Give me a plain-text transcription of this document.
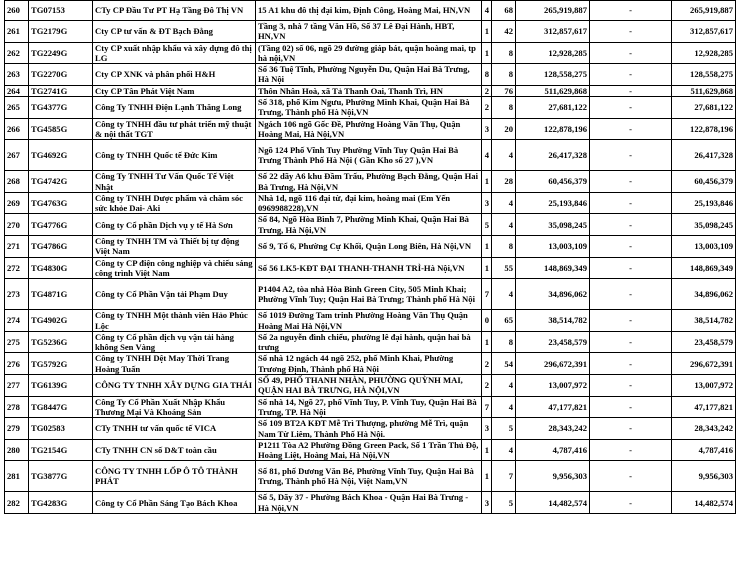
260	TG07153	CTy CP Đầu Tư PT Hạ Tầng Đô Thị VN	15 A1 khu đô thị đại kim, Định Công, Hoàng Mai, HN,VN	4	68	265,919,887	-	265,919,887
261	TG2179G	Cty CP tư vấn & ĐT Bạch Đằng	Tầng 3, nhà 7 tầng Văn Hồ, Số 37 Lê Đại Hành, HBT, HN,VN	1	42	312,857,617	-	312,857,617
262	TG2249G	Cty CP xuất nhập khẩu và xây dựng đô thị LG	(Tầng 02) số 06, ngõ 29 đường giáp bát, quận hoàng mai, tp hà nội,VN	1	8	12,928,285	-	12,928,285
263	TG2270G	Cty CP XNK và phân phối H&H	Số 36 Tuệ Tĩnh, Phường Nguyễn Du, Quận Hai Bà Trưng, Hà Nội	8	8	128,558,275	-	128,558,275
264	TG2741G	Cty CP Tân Phát Việt Nam	Thôn Nhân Hoà, xã Tả Thanh Oai, Thanh Trì, HN	2	76	511,629,868	-	511,629,868
265	TG4377G	Công Ty TNHH Điện Lạnh Thăng Long	Số 318, phố Kim Ngưu, Phường Minh Khai, Quận Hai Bà Trưng, Thành phố Hà Nội,VN	2	8	27,681,122	-	27,681,122
266	TG4585G	Công ty TNHH đầu tư phát triển mỹ thuật & nội thất TGT	Ngách 106 ngõ Gốc Đề, Phường Hoàng Văn Thụ, Quận Hoàng Mai, Hà Nội,VN	3	20	122,878,196	-	122,878,196
267	TG4692G	Công ty TNHH Quốc tế Đức Kim	Ngõ 124 Phố Vĩnh Tuy Phường Vĩnh Tuy Quận Hai Bà Trưng Thành Phố Hà Nội ( Gần Kho số 27 ),VN	4	4	26,417,328	-	26,417,328
268	TG4742G	Công Ty TNHH Tư Vấn Quốc Tế Việt Nhật	Số 22 dãy A6 khu Đầm Trấu, Phường Bạch Đằng, Quận Hai Bà Trưng, Hà Nội,VN	1	28	60,456,379	-	60,456,379
269	TG4763G	Công ty TNHH Dược phẩm và chăm sóc sức khỏe Dai- Aki	Nhà 1d, ngõ 116 đại từ, đại kim, hoàng mai (Em Yến 0969988228),VN	3	4	25,193,846	-	25,193,846
270	TG4776G	Công ty Cổ phần Dịch vụ y tế Hà Sơn	Số 84, Ngõ Hòa Bình 7, Phường Minh Khai, Quận Hai Bà Trưng, Hà Nội,VN	5	4	35,098,245	-	35,098,245
271	TG4786G	Công ty TNHH TM và Thiết bị tự động Việt Nam	Số 9, Tổ 6, Phường Cự Khối, Quận Long Biên, Hà Nội,VN	1	8	13,003,109	-	13,003,109
272	TG4830G	Công ty CP điện công nghiệp và chiếu sáng công trình Việt Nam	Số 56 LK5-KĐT ĐẠI THANH-THANH TRÌ-Hà Nội,VN	1	55	148,869,349	-	148,869,349
273	TG4871G	Công ty Cổ Phần Vận tải Phạm Duy	P1404 A2, tòa nhà Hòa Bình Green City, 505 Minh Khai; Phường Vĩnh Tuy; Quận Hai Bà Trưng; Thành phố Hà Nội	7	4	34,896,062	-	34,896,062
274	TG4902G	Công ty TNHH Một thành viên Hảo Phúc Lộc	Số 1019 Đường Tam trinh Phường Hoàng Văn Thụ Quận Hoàng Mai Hà Nội,VN	0	65	38,514,782	-	38,514,782
275	TG5236G	Công ty Cổ phần dịch vụ vận tải hàng không Sen Vàng	Số 2a nguyễn đình chiểu, phường lê đại hành, quận hai bà trưng	1	8	23,458,579	-	23,458,579
276	TG5792G	Công ty TNHH Dệt May Thời Trang Hoàng Tuấn	Số nhà 12 ngách 44 ngõ 252, phố Minh Khai, Phường Trương Định, Thành phố Hà Nội	2	54	296,672,391	-	296,672,391
277	TG6139G	CÔNG TY TNHH XÂY DỰNG GIA THÁI	SỐ 49, PHỐ THANH NHÀN, PHƯỜNG QUỲNH MAI, QUẬN HAI BÀ TRƯNG, HÀ NỘI,VN	2	4	13,007,972	-	13,007,972
278	TG8447G	Công Ty Cổ Phần Xuất Nhập Khẩu Thương Mại Và Khoáng Sản	Số nhà 14, Ngõ 27, phố Vĩnh Tuy, P. Vĩnh Tuy, Quận Hai Bà Trưng, TP. Hà Nội	7	4	47,177,821	-	47,177,821
279	TG02583	CTy TNHH tư vấn quốc tế VICA	Số 109 BT2A KĐT Mễ Trì Thượng, phường Mễ Trì, quận Nam Từ Liêm, Thành Phố Hà Nội.	3	5	28,343,242	-	28,343,242
280	TG2154G	CTy TNHH CN số D&T toàn cầu	P1211 Tòa A2 Phường Đồng Green Pack, Số 1 Trần Thủ Độ, Hoàng Liệt, Hoàng Mai, Hà Nội,VN	1	4	4,787,416	-	4,787,416
281	TG3877G	CÔNG TY TNHH LỐP Ô TÔ THÀNH PHÁT	Số 81, phố Dương Văn Bé, Phường Vĩnh Tuy, Quận Hai Bà Trưng, Thành phố Hà Nội, Việt Nam,VN	1	7	9,956,303	-	9,956,303
282	TG4283G	Công ty Cổ Phần Sáng Tạo Bách Khoa	Số 5, Dãy 37 - Phường Bách Khoa - Quận Hai Bà Trưng - Hà Nội,VN	3	5	14,482,574	-	14,482,574
